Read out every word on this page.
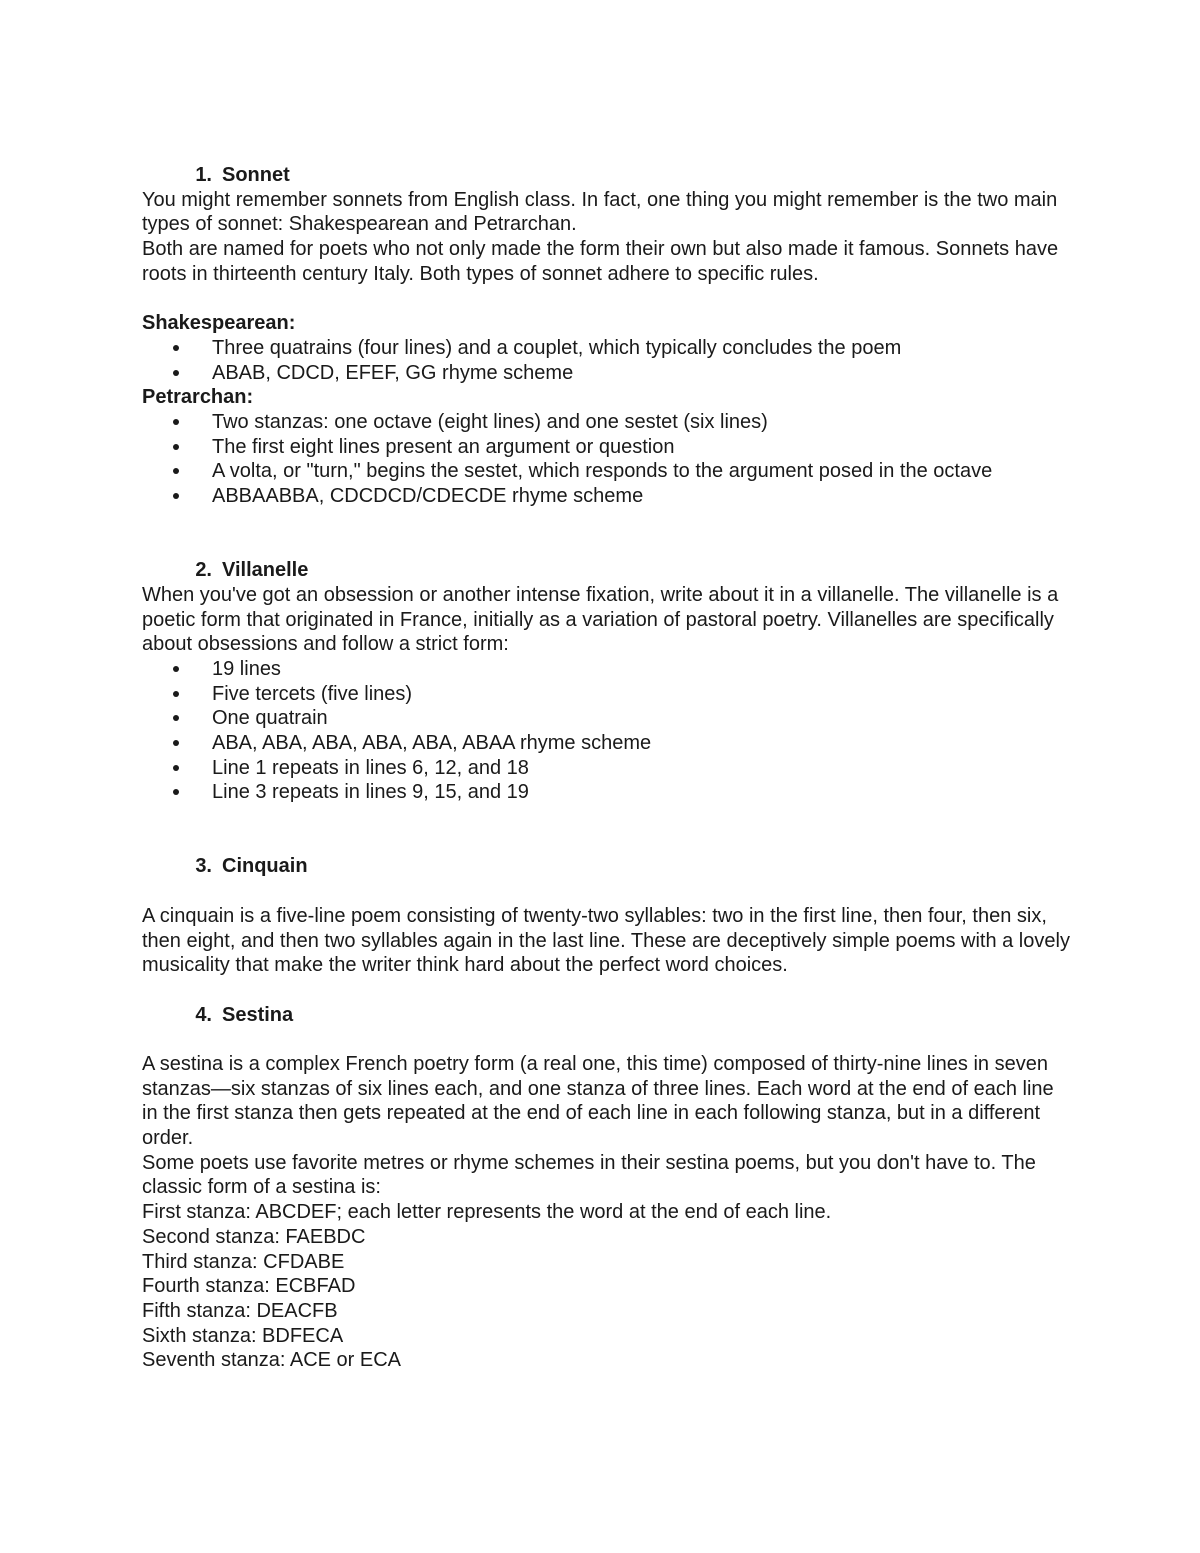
1. Sonnet

You might remember sonnets from English class. In fact, one thing you might remember is the two main types of sonnet: Shakespearean and Petrarchan.

Both are named for poets who not only made the form their own but also made it famous. Sonnets have roots in thirteenth century Italy. Both types of sonnet adhere to specific rules.

Shakespearean:

Three quatrains (four lines) and a couplet, which typically concludes the poem
ABAB, CDCD, EFEF, GG rhyme scheme

Petrarchan:

Two stanzas: one octave (eight lines) and one sestet (six lines)
The first eight lines present an argument or question
A volta, or "turn," begins the sestet, which responds to the argument posed in the octave
ABBAABBA, CDCDCD/CDECDE rhyme scheme
2. Villanelle

When you've got an obsession or another intense fixation, write about it in a villanelle. The villanelle is a poetic form that originated in France, initially as a variation of pastoral poetry. Villanelles are specifically about obsessions and follow a strict form:

19 lines
Five tercets (five lines)
One quatrain
ABA, ABA, ABA, ABA, ABA, ABAA rhyme scheme
Line 1 repeats in lines 6, 12, and 18
Line 3 repeats in lines 9, 15, and 19
3. Cinquain

A cinquain is a five-line poem consisting of twenty-two syllables: two in the first line, then four, then six, then eight, and then two syllables again in the last line. These are deceptively simple poems with a lovely musicality that make the writer think hard about the perfect word choices.

4. Sestina

A sestina is a complex French poetry form (a real one, this time) composed of thirty-nine lines in seven stanzas—six stanzas of six lines each, and one stanza of three lines. Each word at the end of each line in the first stanza then gets repeated at the end of each line in each following stanza, but in a different order.

Some poets use favorite metres or rhyme schemes in their sestina poems, but you don't have to. The classic form of a sestina is:

First stanza: ABCDEF; each letter represents the word at the end of each line.

Second stanza: FAEBDC

Third stanza: CFDABE

Fourth stanza: ECBFAD

Fifth stanza: DEACFB

Sixth stanza: BDFECA

Seventh stanza: ACE or ECA
